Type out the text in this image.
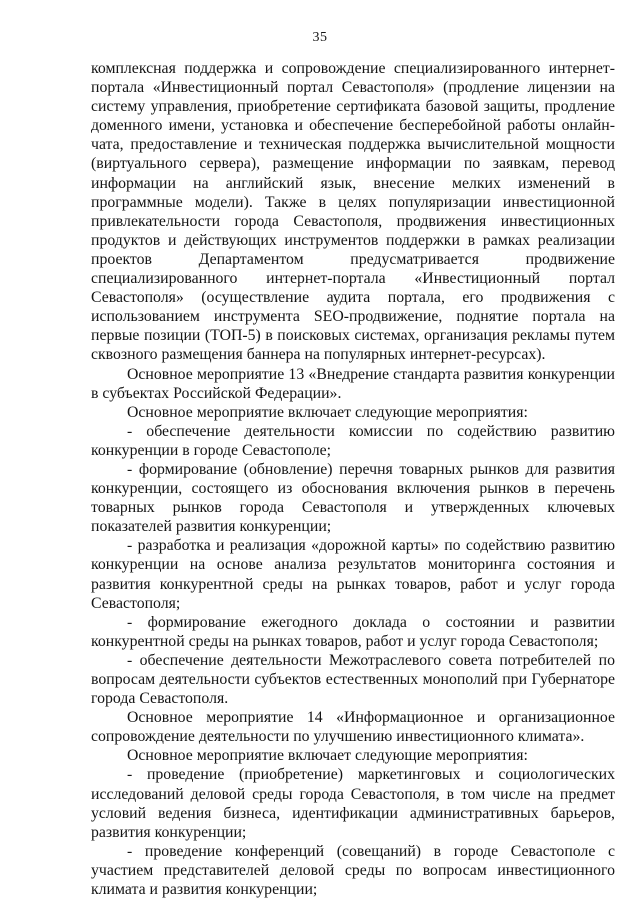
35

комплексная поддержка и сопровождение специализированного интернет-портала «Инвестиционный портал Севастополя» (продление лицензии на систему управления, приобретение сертификата базовой защиты, продление доменного имени, установка и обеспечение бесперебойной работы онлайн-чата, предоставление и техническая поддержка вычислительной мощности (виртуального сервера), размещение информации по заявкам, перевод информации на английский язык, внесение мелких изменений в программные модели). Также в целях популяризации инвестиционной привлекательности города Севастополя, продвижения инвестиционных продуктов и действующих инструментов поддержки в рамках реализации проектов Департаментом предусматривается продвижение специализированного интернет-портала «Инвестиционный портал Севастополя» (осуществление аудита портала, его продвижения с использованием инструмента SEO-продвижение, поднятие портала на первые позиции (ТОП-5) в поисковых системах, организация рекламы путем сквозного размещения баннера на популярных интернет-ресурсах).

Основное мероприятие 13 «Внедрение стандарта развития конкуренции в субъектах Российской Федерации».

Основное мероприятие включает следующие мероприятия:

- обеспечение деятельности комиссии по содействию развитию конкуренции в городе Севастополе;

- формирование (обновление) перечня товарных рынков для развития конкуренции, состоящего из обоснования включения рынков в перечень товарных рынков города Севастополя и утвержденных ключевых показателей развития конкуренции;

- разработка и реализация «дорожной карты» по содействию развитию конкуренции на основе анализа результатов мониторинга состояния и развития конкурентной среды на рынках товаров, работ и услуг города Севастополя;

- формирование ежегодного доклада о состоянии и развитии конкурентной среды на рынках товаров, работ и услуг города Севастополя;

- обеспечение деятельности Межотраслевого совета потребителей по вопросам деятельности субъектов естественных монополий при Губернаторе города Севастополя.

Основное мероприятие 14 «Информационное и организационное сопровождение деятельности по улучшению инвестиционного климата».

Основное мероприятие включает следующие мероприятия:

- проведение (приобретение) маркетинговых и социологических исследований деловой среды города Севастополя, в том числе на предмет условий ведения бизнеса, идентификации административных барьеров, развития конкуренции;

- проведение конференций (совещаний) в городе Севастополе с участием представителей деловой среды по вопросам инвестиционного климата и развития конкуренции;
